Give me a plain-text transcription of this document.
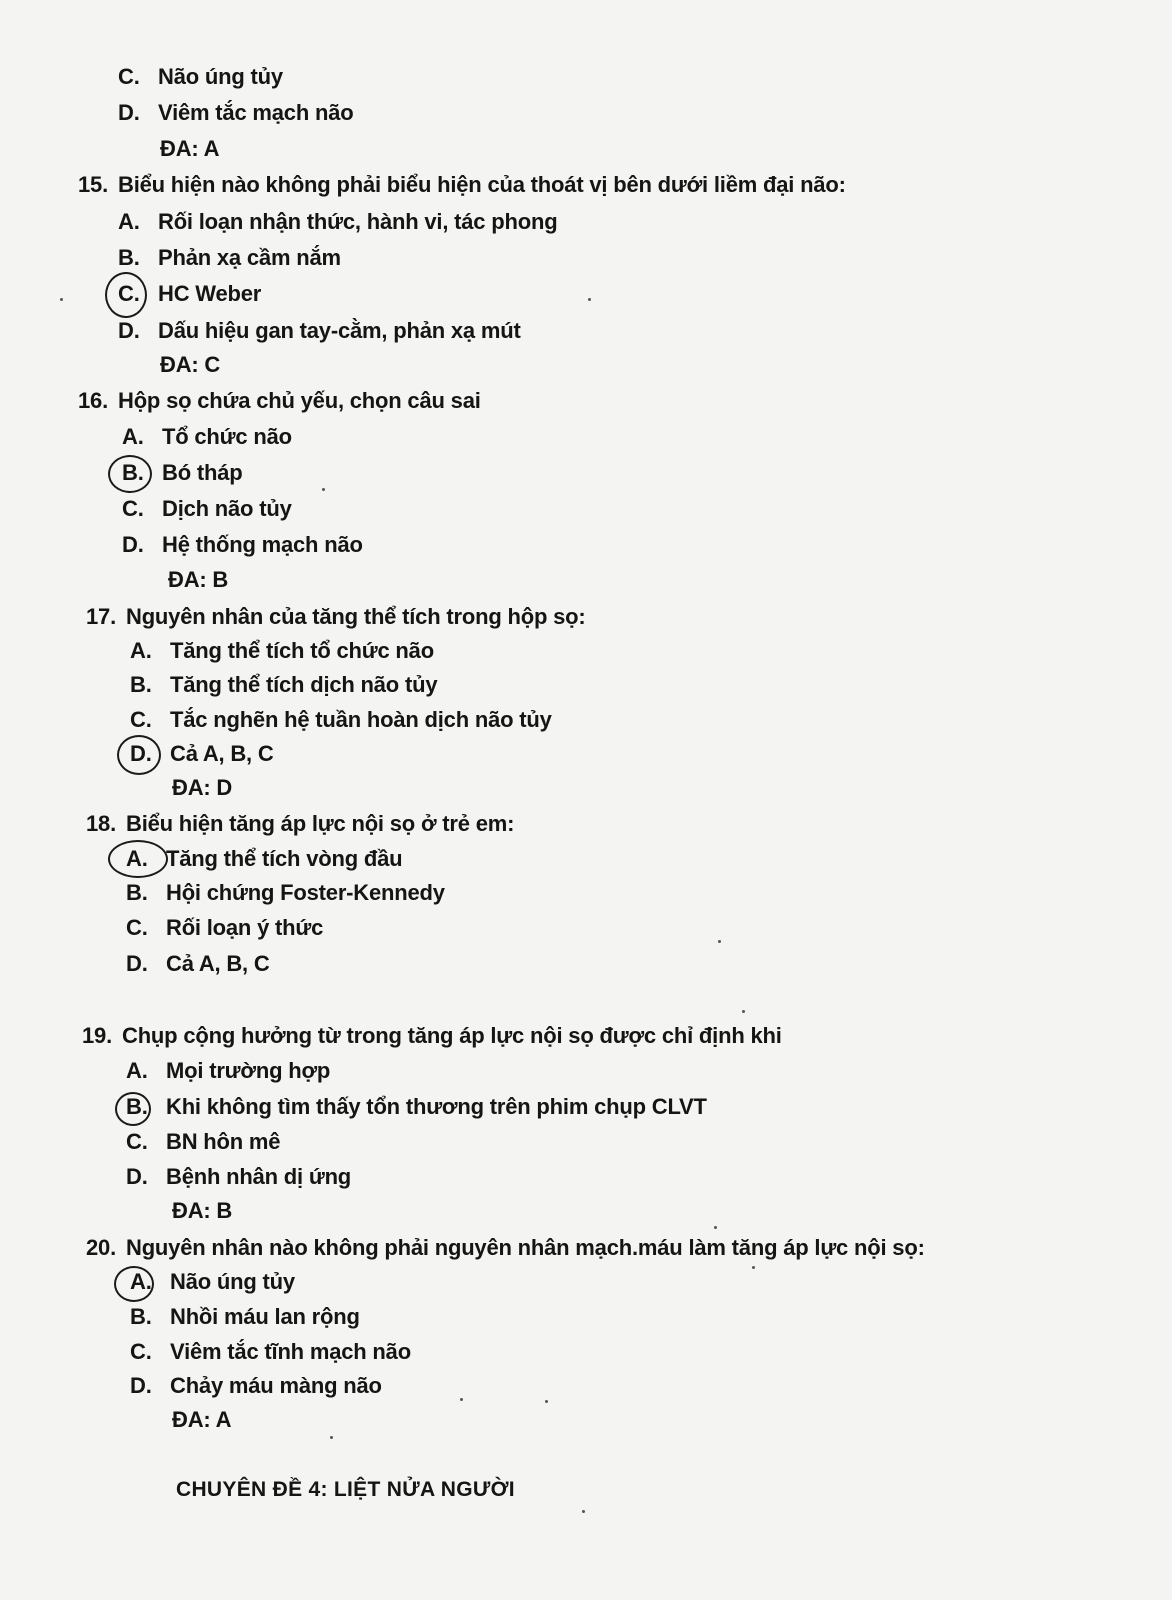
C. Não úng tủy
D. Viêm tắc mạch não
ĐA: A
15. Biểu hiện nào không phải biểu hiện của thoát vị bên dưới liềm đại não:
A. Rối loạn nhận thức, hành vi, tác phong
B. Phản xạ cầm nắm
C. HC Weber
D. Dấu hiệu gan tay-cằm, phản xạ mút
ĐA: C
16. Hộp sọ chứa chủ yếu, chọn câu sai
A. Tổ chức não
B. Bó tháp
C. Dịch não tủy
D. Hệ thống mạch não
ĐA: B
17. Nguyên nhân của tăng thể tích trong hộp sọ:
A. Tăng thể tích tổ chức não
B. Tăng thể tích dịch não tủy
C. Tắc nghẽn hệ tuần hoàn dịch não tủy
D. Cả A, B, C
ĐA: D
18. Biểu hiện tăng áp lực nội sọ ở trẻ em:
A. Tăng thể tích vòng đầu
B. Hội chứng Foster-Kennedy
C. Rối loạn ý thức
D. Cả A, B, C
19. Chụp cộng hưởng từ trong tăng áp lực nội sọ được chỉ định khi
A. Mọi trường hợp
B. Khi không tìm thấy tổn thương trên phim chụp CLVT
C. BN hôn mê
D. Bệnh nhân dị ứng
ĐA: B
20. Nguyên nhân nào không phải nguyên nhân mạch.máu làm tăng áp lực nội sọ:
A. Não úng tủy
B. Nhồi máu lan rộng
C. Viêm tắc tĩnh mạch não
D. Chảy máu màng não
ĐA: A
CHUYÊN ĐỀ 4: LIỆT NỬA NGƯỜI
